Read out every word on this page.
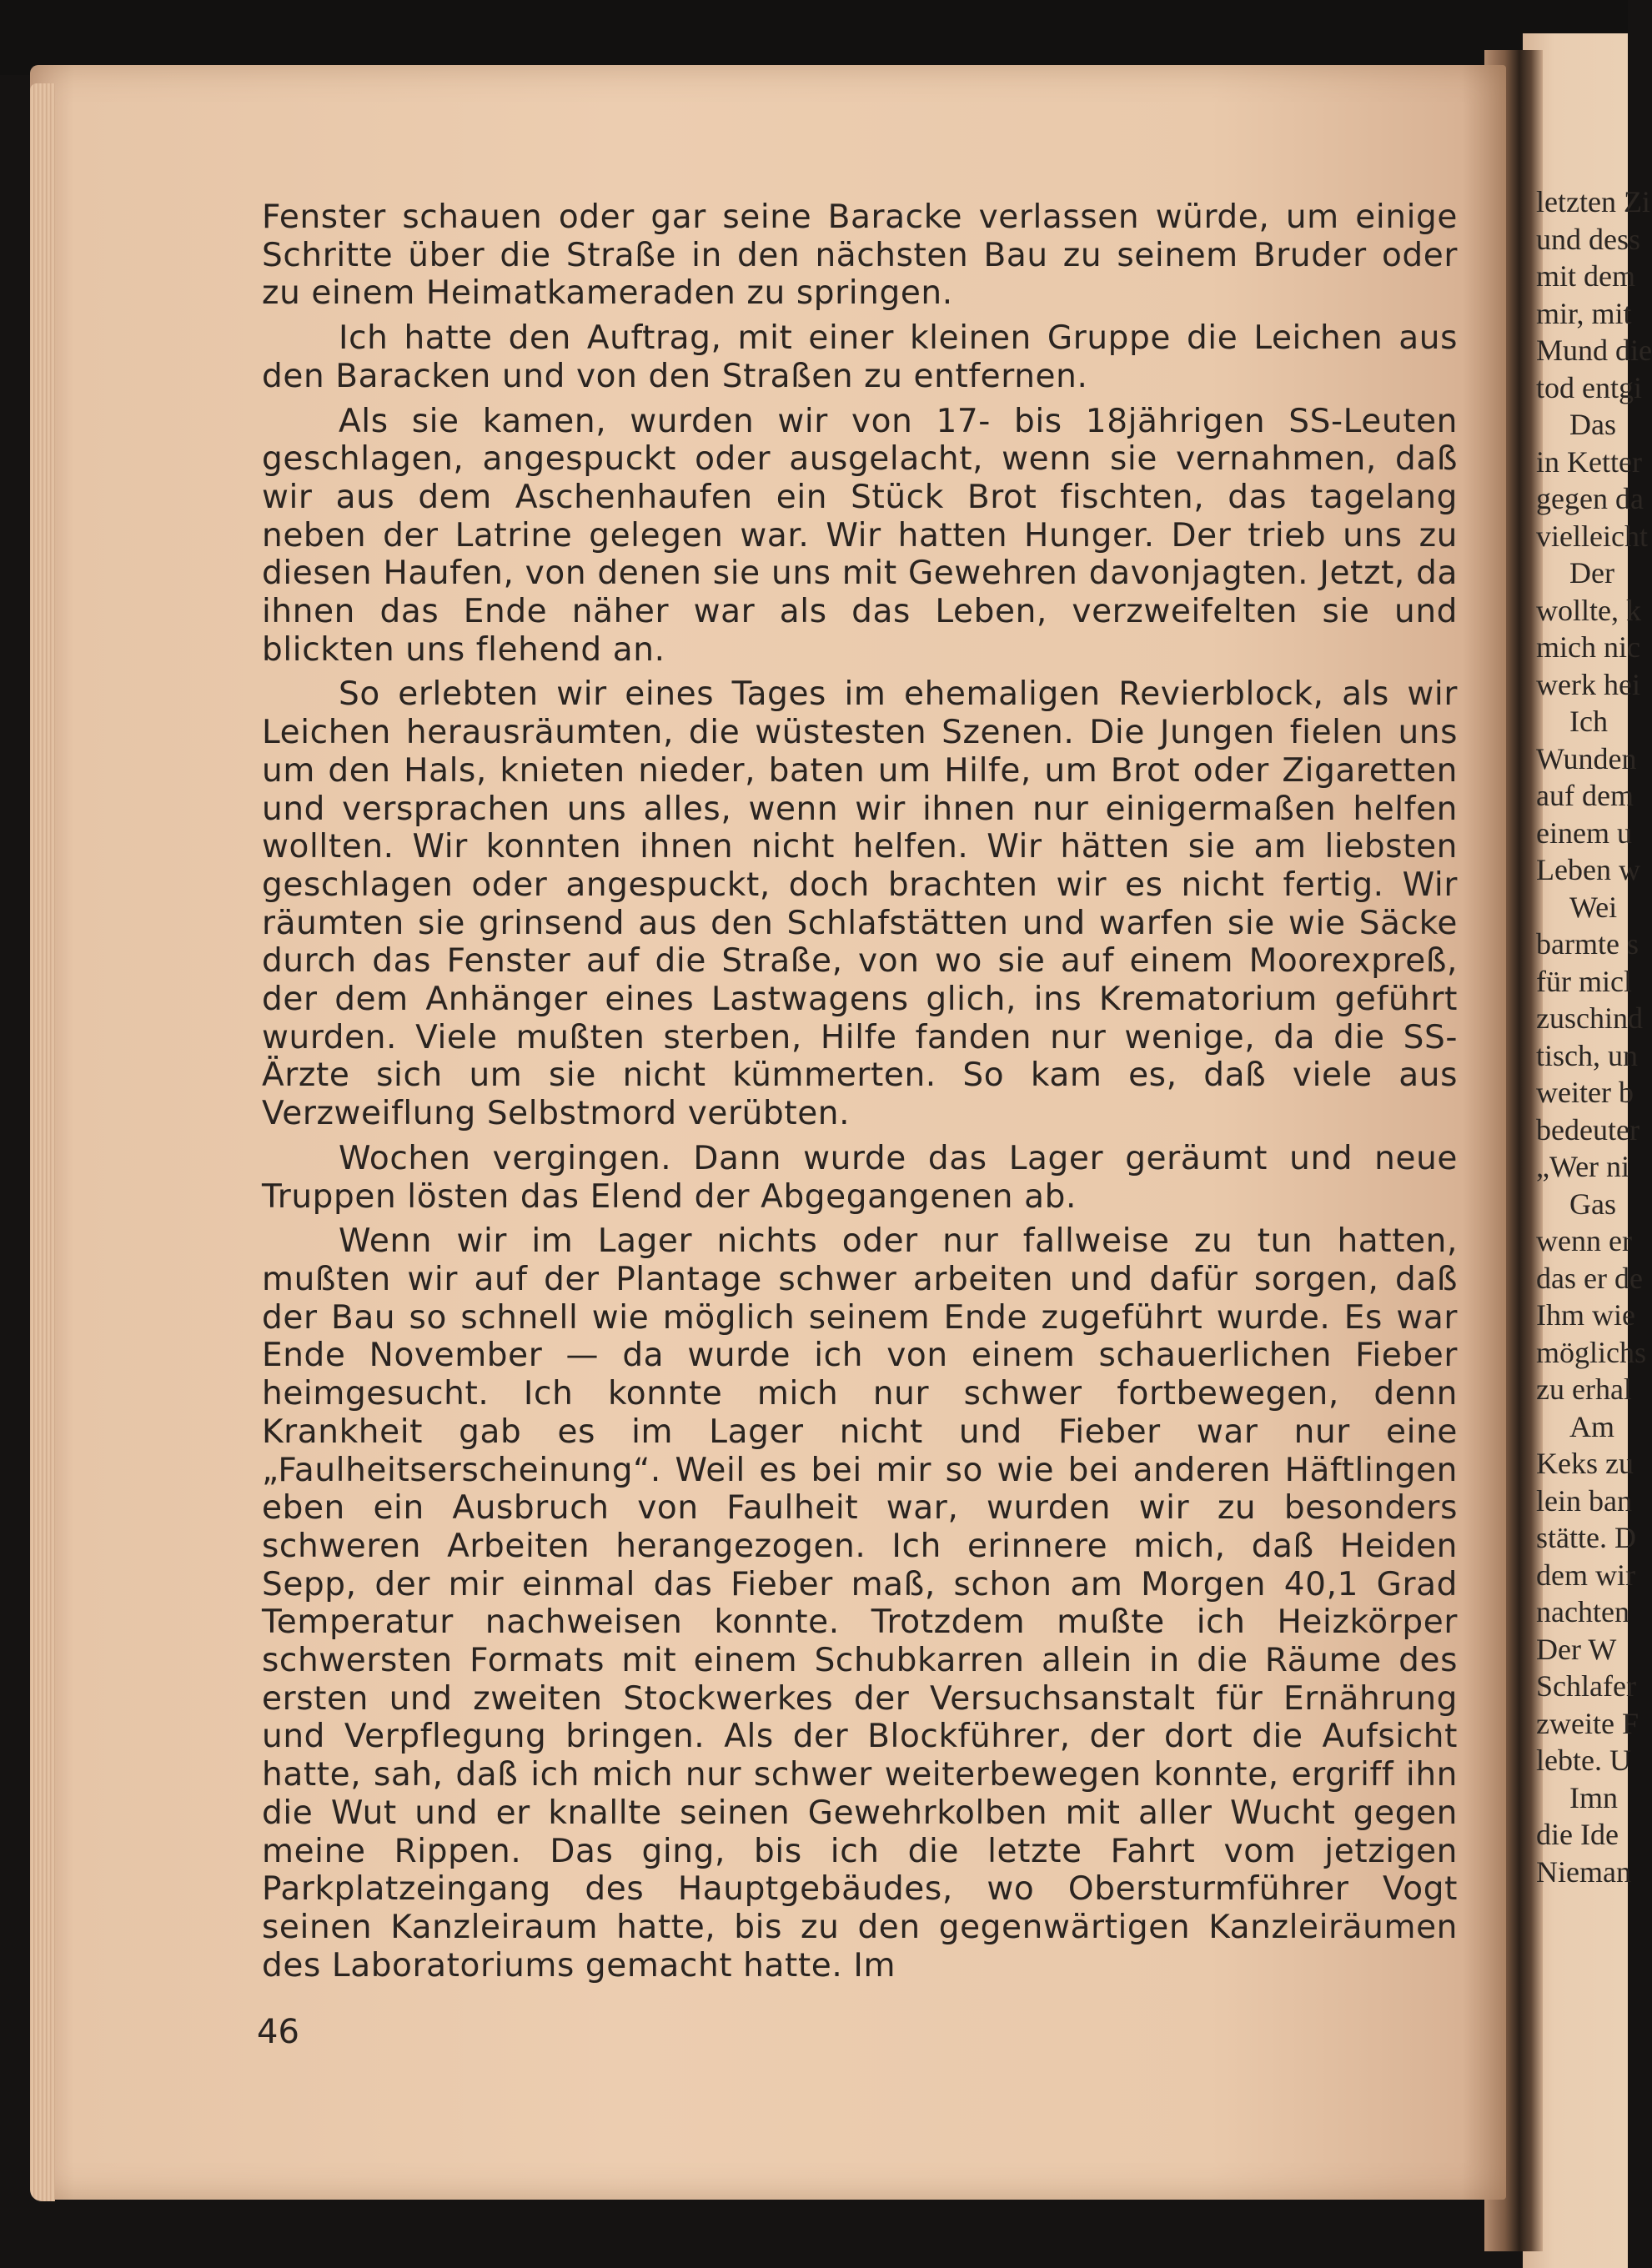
Fenster schauen oder gar seine Baracke verlassen würde, um einige Schritte über die Straße in den nächsten Bau zu seinem Bruder oder zu einem Heimatkameraden zu springen.

Ich hatte den Auftrag, mit einer kleinen Gruppe die Leichen aus den Baracken und von den Straßen zu entfernen.

Als sie kamen, wurden wir von 17- bis 18jährigen SS-Leuten geschlagen, angespuckt oder ausgelacht, wenn sie vernahmen, daß wir aus dem Aschenhaufen ein Stück Brot fischten, das tagelang neben der Latrine gelegen war. Wir hatten Hunger. Der trieb uns zu diesen Haufen, von denen sie uns mit Gewehren davonjagten. Jetzt, da ihnen das Ende näher war als das Leben, verzweifelten sie und blickten uns flehend an.

So erlebten wir eines Tages im ehemaligen Revierblock, als wir Leichen herausräumten, die wüstesten Szenen. Die Jungen fielen uns um den Hals, knieten nieder, baten um Hilfe, um Brot oder Zigaretten und versprachen uns alles, wenn wir ihnen nur einigermaßen helfen wollten. Wir konnten ihnen nicht helfen. Wir hätten sie am liebsten geschlagen oder angespuckt, doch brachten wir es nicht fertig. Wir räumten sie grinsend aus den Schlafstätten und warfen sie wie Säcke durch das Fenster auf die Straße, von wo sie auf einem Moorexpreß, der dem Anhänger eines Lastwagens glich, ins Krematorium geführt wurden. Viele mußten sterben, Hilfe fanden nur wenige, da die SS-Ärzte sich um sie nicht kümmerten. So kam es, daß viele aus Verzweiflung Selbstmord verübten.

Wochen vergingen. Dann wurde das Lager geräumt und neue Truppen lösten das Elend der Abgegangenen ab.

Wenn wir im Lager nichts oder nur fallweise zu tun hatten, mußten wir auf der Plantage schwer arbeiten und dafür sorgen, daß der Bau so schnell wie möglich seinem Ende zugeführt wurde. Es war Ende November — da wurde ich von einem schauerlichen Fieber heimgesucht. Ich konnte mich nur schwer fortbewegen, denn Krankheit gab es im Lager nicht und Fieber war nur eine „Faulheitserscheinung“. Weil es bei mir so wie bei anderen Häftlingen eben ein Ausbruch von Faulheit war, wurden wir zu besonders schweren Arbeiten herangezogen. Ich erinnere mich, daß Heiden Sepp, der mir einmal das Fieber maß, schon am Morgen 40,1 Grad Temperatur nachweisen konnte. Trotzdem mußte ich Heizkörper schwersten Formats mit einem Schubkarren allein in die Räume des ersten und zweiten Stockwerkes der Versuchsanstalt für Ernährung und Verpflegung bringen. Als der Blockführer, der dort die Aufsicht hatte, sah, daß ich mich nur schwer weiterbewegen konnte, ergriff ihn die Wut und er knallte seinen Gewehrkolben mit aller Wucht gegen meine Rippen. Das ging, bis ich die letzte Fahrt vom jetzigen Parkplatzeingang des Hauptgebäudes, wo Obersturmführer Vogt seinen Kanzleiraum hatte, bis zu den gegenwärtigen Kanzleiräumen des Laboratoriums gemacht hatte. Im

46
letzten Zi
und dess
mit dem
mir, mit
Mund die
tod entgi
Das
in Ketter
gegen da
vielleicht
Der
wollte, k
mich nic
werk hei
Ich
Wunden
auf dem
einem u
Leben w
Wei
barmte s
für micl
zuschind
tisch, un
weiter b
bedeuter
„Wer ni
Gas
wenn er
das er de
Ihm wie
möglichs
zu erhal
Am
Keks zu
lein ban
stätte. D
dem wir
nachten
Der W
Schlafer
zweite F
lebte. U
Imn
die Ide
Nieman
